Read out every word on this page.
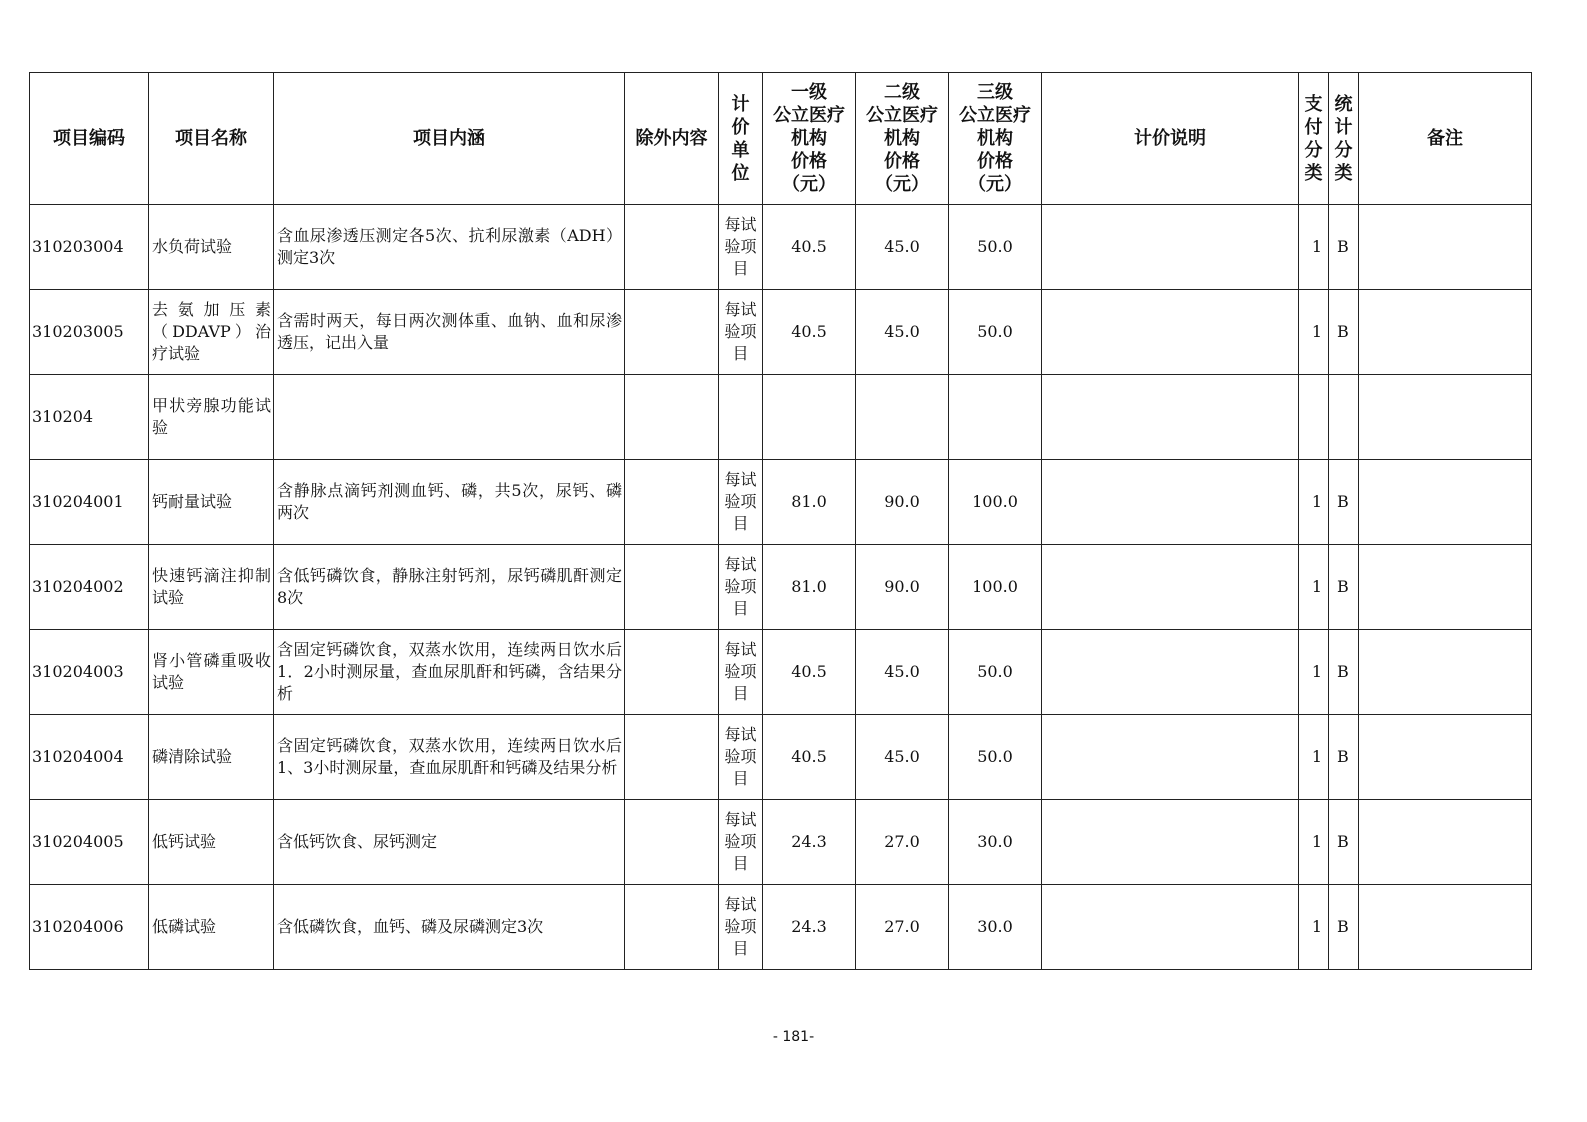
项目编码	项目名称	项目内涵	除外内容	计
价
单
位	一级
公立医疗
机构
价格
（元）	二级
公立医疗
机构
价格
（元）	三级
公立医疗
机构
价格
（元）	计价说明	支
付
分
类	统
计
分
类	备注
310203004	水负荷试验	含血尿渗透压测定各5次、抗利尿激素（ADH）测定3次		每试验项目	40.5	45.0	50.0		1	B	
310203005	去氨加压素（DDAVP）治疗试验	含需时两天，每日两次测体重、血钠、血和尿渗透压，记出入量		每试验项目	40.5	45.0	50.0		1	B	
310204	甲状旁腺功能试验										
310204001	钙耐量试验	含静脉点滴钙剂测血钙、磷，共5次，尿钙、磷两次		每试验项目	81.0	90.0	100.0		1	B	
310204002	快速钙滴注抑制试验	含低钙磷饮食，静脉注射钙剂，尿钙磷肌酐测定8次		每试验项目	81.0	90.0	100.0		1	B	
310204003	肾小管磷重吸收试验	含固定钙磷饮食，双蒸水饮用，连续两日饮水后1．2小时测尿量，查血尿肌酐和钙磷，含结果分析		每试验项目	40.5	45.0	50.0		1	B	
310204004	磷清除试验	含固定钙磷饮食，双蒸水饮用，连续两日饮水后1、3小时测尿量，查血尿肌酐和钙磷及结果分析		每试验项目	40.5	45.0	50.0		1	B	
310204005	低钙试验	含低钙饮食、尿钙测定		每试验项目	24.3	27.0	30.0		1	B	
310204006	低磷试验	含低磷饮食，血钙、磷及尿磷测定3次		每试验项目	24.3	27.0	30.0		1	B	
- 181-
